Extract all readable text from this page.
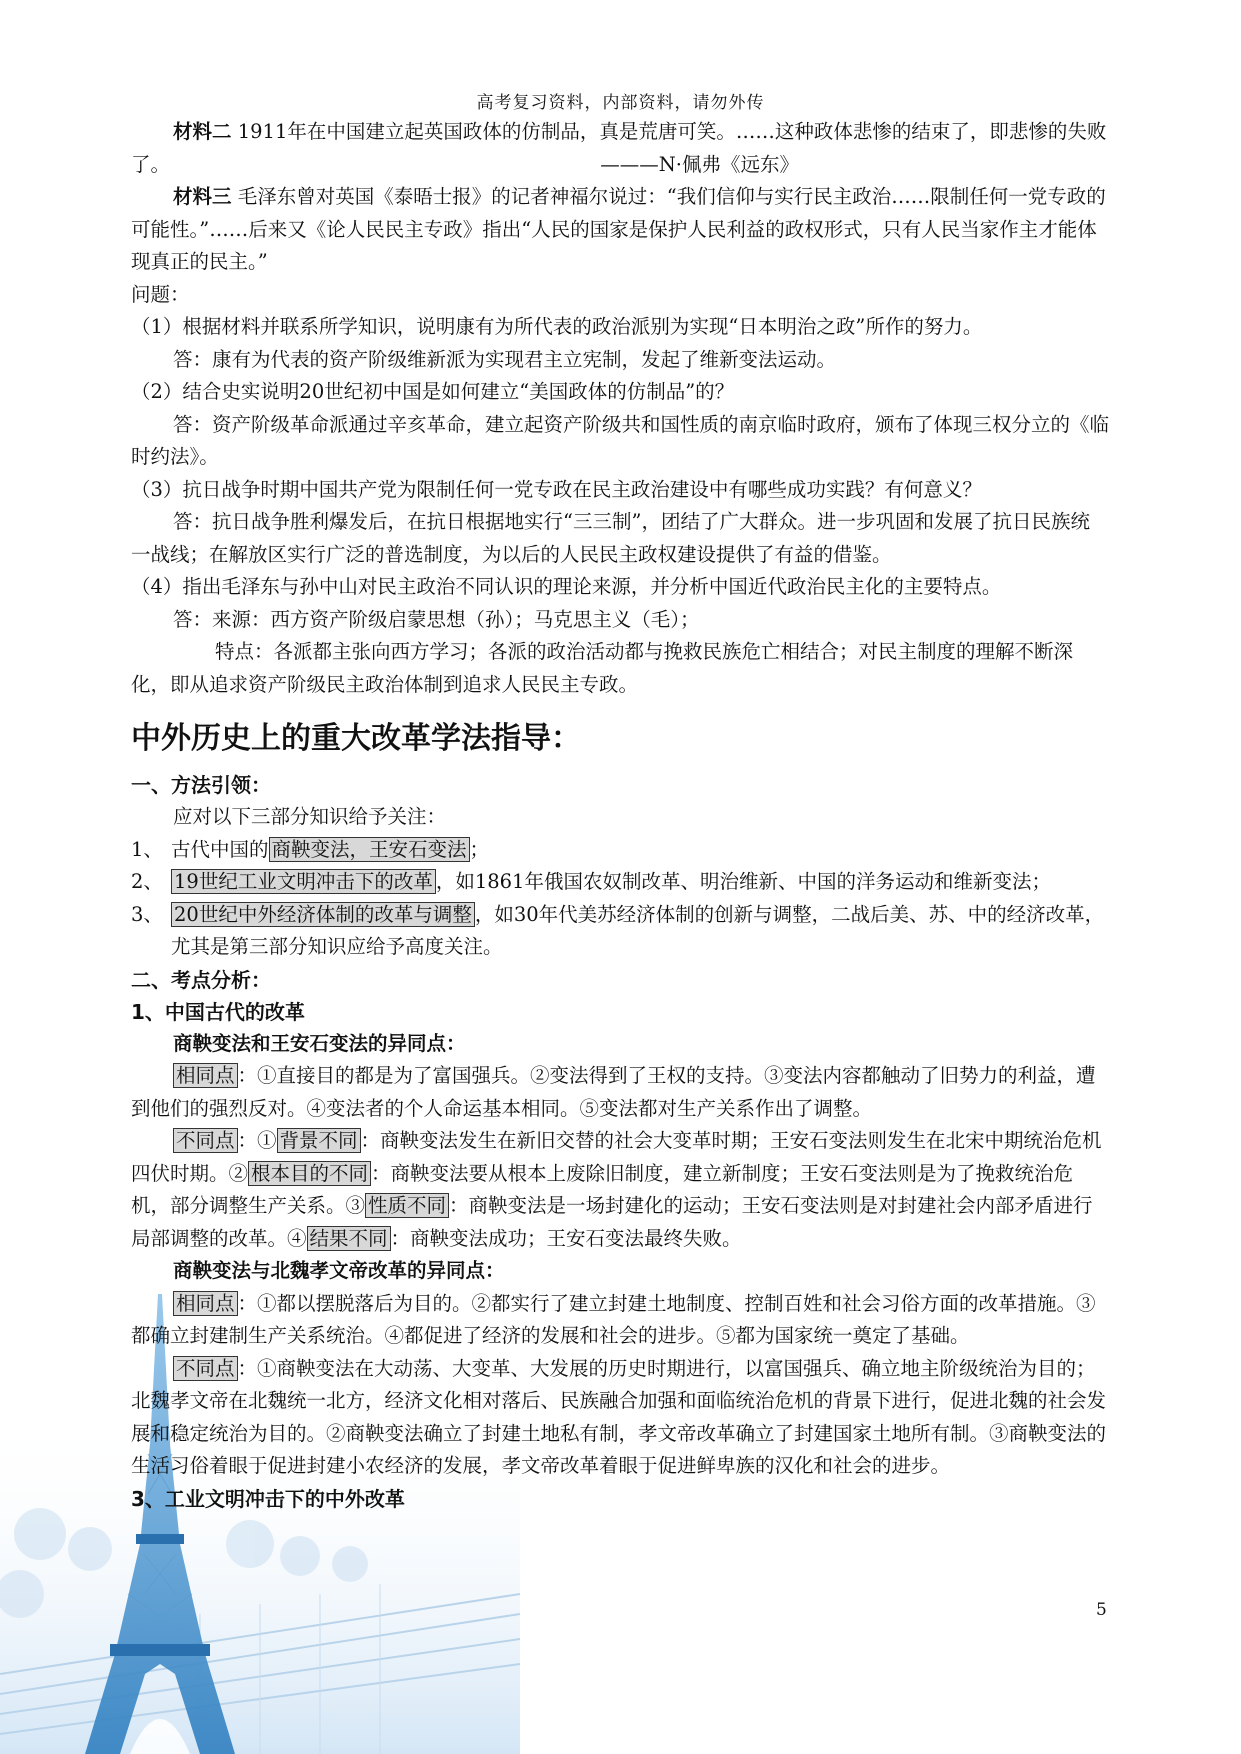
高考复习资料，内部资料，请勿外传

材料二 1911年在中国建立起英国政体的仿制品，真是荒唐可笑。……这种政体悲惨的结束了，即悲惨的失败了。	———N·佩弗《远东》

材料三 毛泽东曾对英国《泰晤士报》的记者神福尔说过：“我们信仰与实行民主政治……限制任何一党专政的可能性。”……后来又《论人民民主专政》指出“人民的国家是保护人民利益的政权形式，只有人民当家作主才能体现真正的民主。”

问题：

（1）根据材料并联系所学知识，说明康有为所代表的政治派别为实现“日本明治之政”所作的努力。

答：康有为代表的资产阶级维新派为实现君主立宪制，发起了维新变法运动。

（2）结合史实说明20世纪初中国是如何建立“美国政体的仿制品”的？

答：资产阶级革命派通过辛亥革命，建立起资产阶级共和国性质的南京临时政府，颁布了体现三权分立的《临时约法》。

（3）抗日战争时期中国共产党为限制任何一党专政在民主政治建设中有哪些成功实践？有何意义？

答：抗日战争胜利爆发后，在抗日根据地实行“三三制”，团结了广大群众。进一步巩固和发展了抗日民族统一战线；在解放区实行广泛的普选制度，为以后的人民民主政权建设提供了有益的借鉴。

（4）指出毛泽东与孙中山对民主政治不同认识的理论来源，并分析中国近代政治民主化的主要特点。

答：来源：西方资产阶级启蒙思想（孙）；马克思主义（毛）；

特点：各派都主张向西方学习；各派的政治活动都与挽救民族危亡相结合；对民主制度的理解不断深化，即从追求资产阶级民主政治体制到追求人民民主专政。

中外历史上的重大改革学法指导：

一、方法引领：

应对以下三部分知识给予关注：

1、 古代中国的 商鞅变法，王安石变法 ；

2、 19世纪工业文明冲击下的改革 ，如1861年俄国农奴制改革、明治维新、中国的洋务运动和维新变法；

3、 20世纪中外经济体制的改革与调整 ，如30年代美苏经济体制的创新与调整，二战后美、苏、中的经济改革，尤其是第三部分知识应给予高度关注。

二、考点分析：

1、中国古代的改革

商鞅变法和王安石变法的异同点：

相同点 ：①直接目的都是为了富国强兵。②变法得到了王权的支持。③变法内容都触动了旧势力的利益，遭到他们的强烈反对。④变法者的个人命运基本相同。⑤变法都对生产关系作出了调整。

不同点 ：① 背景不同 ：商鞅变法发生在新旧交替的社会大变革时期；王安石变法则发生在北宋中期统治危机四伏时期。② 根本目的不同 ：商鞅变法要从根本上废除旧制度，建立新制度；王安石变法则是为了挽救统治危机，部分调整生产关系。③ 性质不同 ：商鞅变法是一场封建化的运动；王安石变法则是对封建社会内部矛盾进行局部调整的改革。④ 结果不同 ：商鞅变法成功；王安石变法最终失败。

商鞅变法与北魏孝文帝改革的异同点：

相同点 ：①都以摆脱落后为目的。②都实行了建立封建土地制度、控制百姓和社会习俗方面的改革措施。③都确立封建制生产关系统治。④都促进了经济的发展和社会的进步。⑤都为国家统一奠定了基础。

不同点 ：①商鞅变法在大动荡、大变革、大发展的历史时期进行，以富国强兵、确立地主阶级统治为目的；北魏孝文帝在北魏统一北方，经济文化相对落后、民族融合加强和面临统治危机的背景下进行，促进北魏的社会发展和稳定统治为目的。②商鞅变法确立了封建土地私有制，孝文帝改革确立了封建国家土地所有制。③商鞅变法的生活习俗着眼于促进封建小农经济的发展，孝文帝改革着眼于促进鲜卑族的汉化和社会的进步。

3、工业文明冲击下的中外改革

5
